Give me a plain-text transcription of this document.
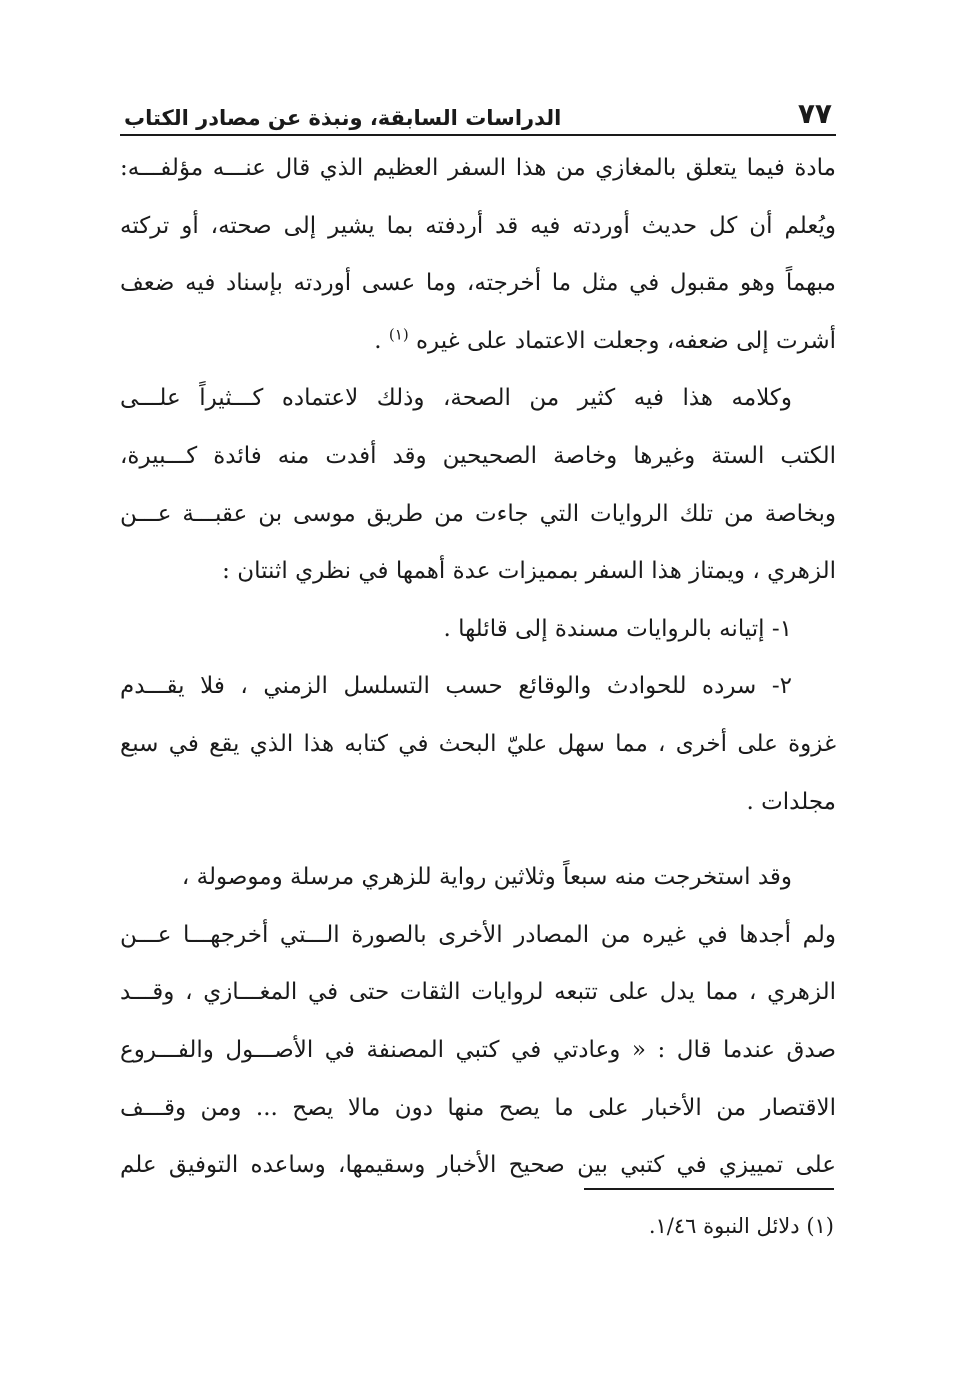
٧٧
الدراسات السابقة، ونبذة عن مصادر الكتاب
مادة فيما يتعلق بالمغازي من هذا السفر العظيم الذي قال عنـــه مؤلفـــه:
ويُعلم أن كل حديث أوردته فيه قد أردفته بما يشير إلى صحته، أو تركته
مبهماً وهو مقبول في مثل ما أخرجته، وما عسى أوردته بإسناد فيه ضعف
أشرت إلى ضعفه، وجعلت الاعتماد على غيره $^{(١)}$ .
وكلامه هذا فيه كثير من الصحة، وذلك لاعتماده كـــثيراً علـــى
الكتب الستة وغيرها وخاصة الصحيحين وقد أفدت منه فائدة كـــبيرة،
وبخاصة من تلك الروايات التي جاءت من طريق موسى بن عقبـــة عـــن
الزهري ، ويمتاز هذا السفر بمميزات عدة أهمها في نظري اثنتان :
١- إتيانه بالروايات مسندة إلى قائلها .
٢- سرده للحوادث والوقائع حسب التسلسل الزمني ، فلا يقـــدم
غزوة على أخرى ، مما سهل عليّ البحث في كتابه هذا الذي يقع في سبع
مجلدات .
وقد استخرجت منه سبعاً وثلاثين رواية للزهري مرسلة وموصولة ،
ولم أجدها في غيره من المصادر الأخرى بالصورة الـــتي أخرجهـــا عـــن
الزهري ، مما يدل على تتبعه لروايات الثقات حتى في المغـــازي ، وقـــد
صدق عندما قال : « وعادتي في كتبي المصنفة في الأصـــول والفـــروع
الاقتصار من الأخبار على ما يصح منها دون مالا يصح ... ومن وقـــف
على تمييزي في كتبي بين صحيح الأخبار وسقيمها، وساعده التوفيق علم
(١) دلائل النبوة ١/٤٦.
